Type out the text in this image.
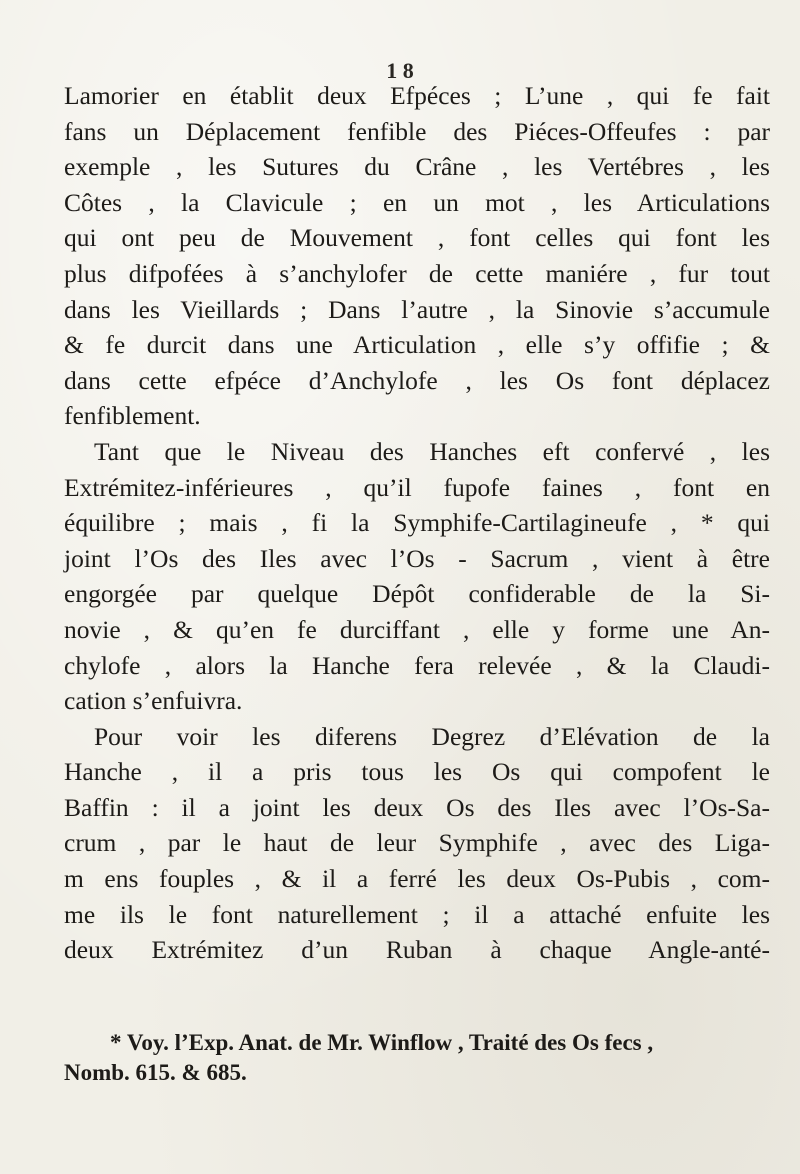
1 8
Lamorier en établit deux Efpéces ; L’une , qui fe fait
fans un Déplacement fenfible des Piéces-Offeufes : par
exemple , les Sutures du Crâne , les Vertébres , les
Côtes , la Clavicule ; en un mot , les Articulations
qui ont peu de Mouvement , font celles qui font les
plus difpofées à s’anchylofer de cette maniére , fur tout
dans les Vieillards ; Dans l’autre , la Sinovie s’accumule
& fe durcit dans une Articulation , elle s’y offifie ; &
dans cette efpéce d’Anchylofe , les Os font déplacez
fenfiblement.
Tant que le Niveau des Hanches eft confervé , les
Extrémitez-inférieures , qu’il fupofe faines , font en
équilibre ; mais , fi la Symphife-Cartilagineufe , * qui
joint l’Os des Iles avec l’Os - Sacrum , vient à être
engorgée par quelque Dépôt confiderable de la Si-
novie , & qu’en fe durciffant , elle y forme une An-
chylofe , alors la Hanche fera relevée , & la Claudi-
cation s’enfuivra.
Pour voir les diferens Degrez d’Elévation de la
Hanche , il a pris tous les Os qui compofent le
Baffin : il a joint les deux Os des Iles avec l’Os-Sa-
crum , par le haut de leur Symphife , avec des Liga-
m ens fouples , & il a ferré les deux Os-Pubis , com-
me ils le font naturellement ; il a attaché enfuite les
deux Extrémitez d’un Ruban à chaque Angle-anté-
* Voy. l’Exp. Anat. de Mr. Winflow , Traité des Os fecs ,
Nomb. 615. & 685.
